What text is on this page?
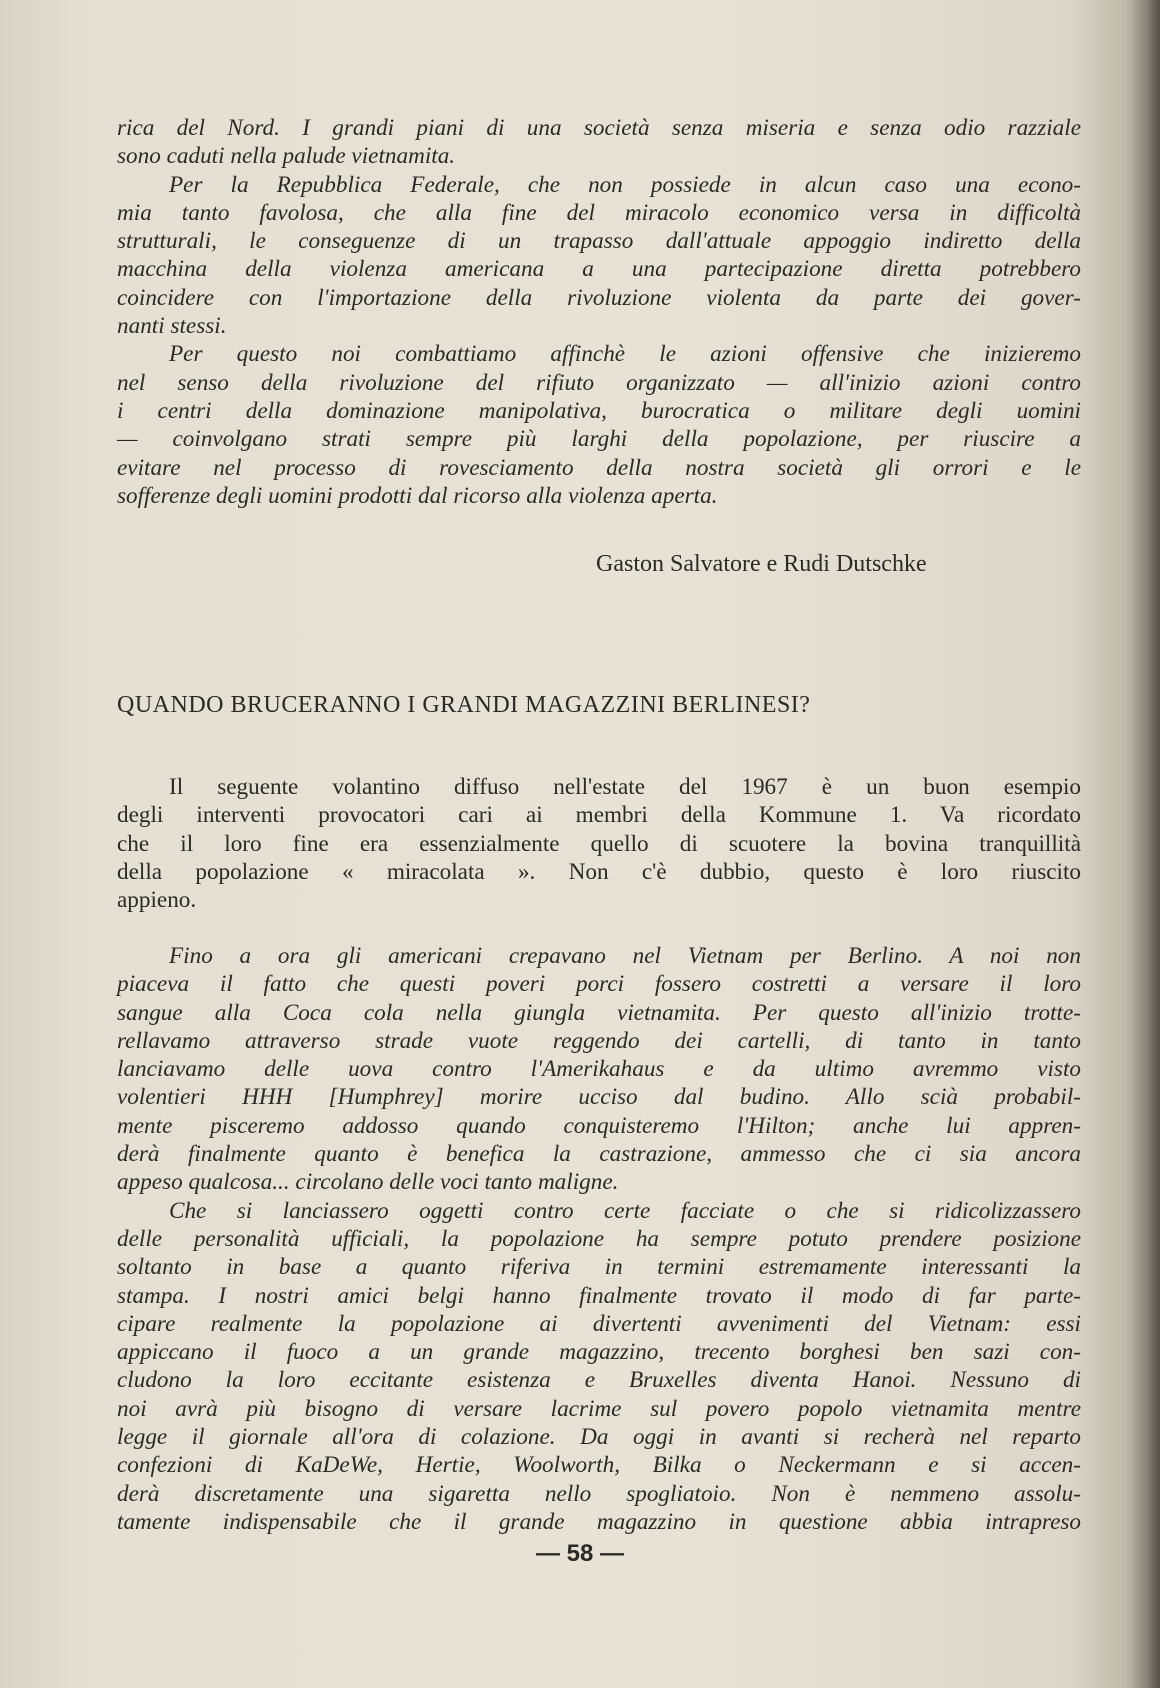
rica del Nord. I grandi piani di una società senza miseria e senza odio razziale

sono caduti nella palude vietnamita.

Per la Repubblica Federale, che non possiede in alcun caso una econo-

mia tanto favolosa, che alla fine del miracolo economico versa in difficoltà

strutturali, le conseguenze di un trapasso dall'attuale appoggio indiretto della

macchina della violenza americana a una partecipazione diretta potrebbero

coincidere con l'importazione della rivoluzione violenta da parte dei gover-

nanti stessi.

Per questo noi combattiamo affinchè le azioni offensive che inizieremo

nel senso della rivoluzione del rifiuto organizzato — all'inizio azioni contro

i centri della dominazione manipolativa, burocratica o militare degli uomini

— coinvolgano strati sempre più larghi della popolazione, per riuscire a

evitare nel processo di rovesciamento della nostra società gli orrori e le

sofferenze degli uomini prodotti dal ricorso alla violenza aperta.

Gaston Salvatore e Rudi Dutschke
QUANDO BRUCERANNO I GRANDI MAGAZZINI BERLINESI?

Il seguente volantino diffuso nell'estate del 1967 è un buon esempio

degli interventi provocatori cari ai membri della Kommune 1. Va ricordato

che il loro fine era essenzialmente quello di scuotere la bovina tranquillità

della popolazione « miracolata ». Non c'è dubbio, questo è loro riuscito

appieno.

Fino a ora gli americani crepavano nel Vietnam per Berlino. A noi non

piaceva il fatto che questi poveri porci fossero costretti a versare il loro

sangue alla Coca cola nella giungla vietnamita. Per questo all'inizio trotte-

rellavamo attraverso strade vuote reggendo dei cartelli, di tanto in tanto

lanciavamo delle uova contro l'Amerikahaus e da ultimo avremmo visto

volentieri HHH [Humphrey] morire ucciso dal budino. Allo scià probabil-

mente pisceremo addosso quando conquisteremo l'Hilton; anche lui appren-

derà finalmente quanto è benefica la castrazione, ammesso che ci sia ancora

appeso qualcosa... circolano delle voci tanto maligne.

Che si lanciassero oggetti contro certe facciate o che si ridicolizzassero

delle personalità ufficiali, la popolazione ha sempre potuto prendere posizione

soltanto in base a quanto riferiva in termini estremamente interessanti la

stampa. I nostri amici belgi hanno finalmente trovato il modo di far parte-

cipare realmente la popolazione ai divertenti avvenimenti del Vietnam: essi

appiccano il fuoco a un grande magazzino, trecento borghesi ben sazi con-

cludono la loro eccitante esistenza e Bruxelles diventa Hanoi. Nessuno di

noi avrà più bisogno di versare lacrime sul povero popolo vietnamita mentre

legge il giornale all'ora di colazione. Da oggi in avanti si recherà nel reparto

confezioni di KaDeWe, Hertie, Woolworth, Bilka o Neckermann e si accen-

derà discretamente una sigaretta nello spogliatoio. Non è nemmeno assolu-

tamente indispensabile che il grande magazzino in questione abbia intrapreso

— 58 —
